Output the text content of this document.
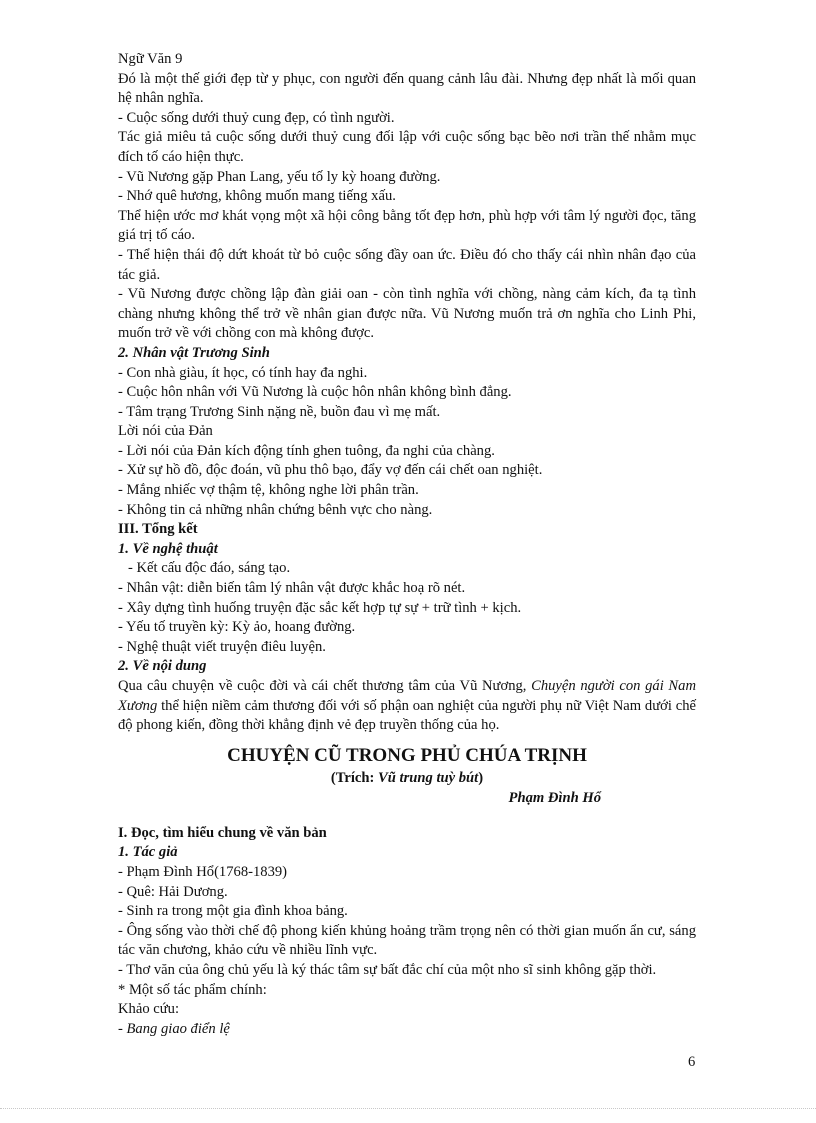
Ngữ Văn 9
Đó là một thế giới đẹp từ y phục, con người đến quang cảnh lâu đài. Nhưng đẹp nhất là mối quan hệ nhân nghĩa.
- Cuộc sống dưới thuỷ cung đẹp, có tình người.
Tác giả miêu tả cuộc sống dưới thuỷ cung đối lập với cuộc sống bạc bẽo nơi trần thế nhằm mục đích tố cáo hiện thực.
- Vũ Nương gặp Phan Lang, yếu tố ly kỳ hoang đường.
- Nhớ quê hương, không muốn mang tiếng xấu.
Thể hiện ước mơ khát vọng một xã hội công bằng tốt đẹp hơn, phù hợp với tâm lý người đọc, tăng giá trị tố cáo.
- Thể hiện thái độ dứt khoát từ bỏ cuộc sống đầy oan ức. Điều đó cho thấy cái nhìn nhân đạo của tác giả.
- Vũ Nương được chồng lập đàn giải oan - còn tình nghĩa với chồng, nàng cảm kích, đa tạ tình chàng nhưng không thể trở về nhân gian được nữa. Vũ Nương muốn trả ơn nghĩa cho Linh Phi, muốn trở về với chồng con mà không được.
2. Nhân vật Trương Sinh
- Con nhà giàu, ít học, có tính hay đa nghi.
- Cuộc hôn nhân với Vũ Nương là cuộc hôn nhân không bình đẳng.
- Tâm trạng Trương Sinh nặng nề, buồn đau vì mẹ mất.
Lời nói của Đản
- Lời nói của Đản kích động tính ghen tuông, đa nghi của chàng.
- Xử sự hồ đồ, độc đoán, vũ phu thô bạo, đẩy vợ đến cái chết oan nghiệt.
- Mắng nhiếc vợ thậm tệ, không nghe lời phân trần.
- Không tin cả những nhân chứng bênh vực cho nàng.
III. Tổng kết
1. Về nghệ thuật
- Kết cấu độc đáo, sáng tạo.
- Nhân vật: diễn biến tâm lý nhân vật được khắc hoạ rõ nét.
- Xây dựng tình huống truyện đặc sắc kết hợp tự sự + trữ tình + kịch.
- Yếu tố truyền kỳ: Kỳ ảo, hoang đường.
- Nghệ thuật viết truyện điêu luyện.
2. Về nội dung
Qua câu chuyện về cuộc đời và cái chết thương tâm của Vũ Nương, Chuyện người con gái Nam Xương thể hiện niềm cảm thương đối với số phận oan nghiệt của người phụ nữ Việt Nam dưới chế độ phong kiến, đồng thời khẳng định vẻ đẹp truyền thống của họ.
CHUYỆN CŨ TRONG PHỦ CHÚA TRỊNH
(Trích: Vũ trung tuỳ bút)
Phạm Đình Hổ
I. Đọc, tìm hiểu chung về văn bản
1. Tác giả
- Phạm Đình Hổ(1768-1839)
- Quê: Hải Dương.
- Sinh ra trong một gia đình khoa bảng.
- Ông sống vào thời chế độ phong kiến khủng hoảng trầm trọng nên có thời gian muốn ẩn cư, sáng tác văn chương, khảo cứu về nhiều lĩnh vực.
- Thơ văn của ông chủ yếu là ký thác tâm sự bất đắc chí của một nho sĩ sinh không gặp thời.
* Một số tác phẩm chính:
Khảo cứu:
- Bang giao điển lệ
6
